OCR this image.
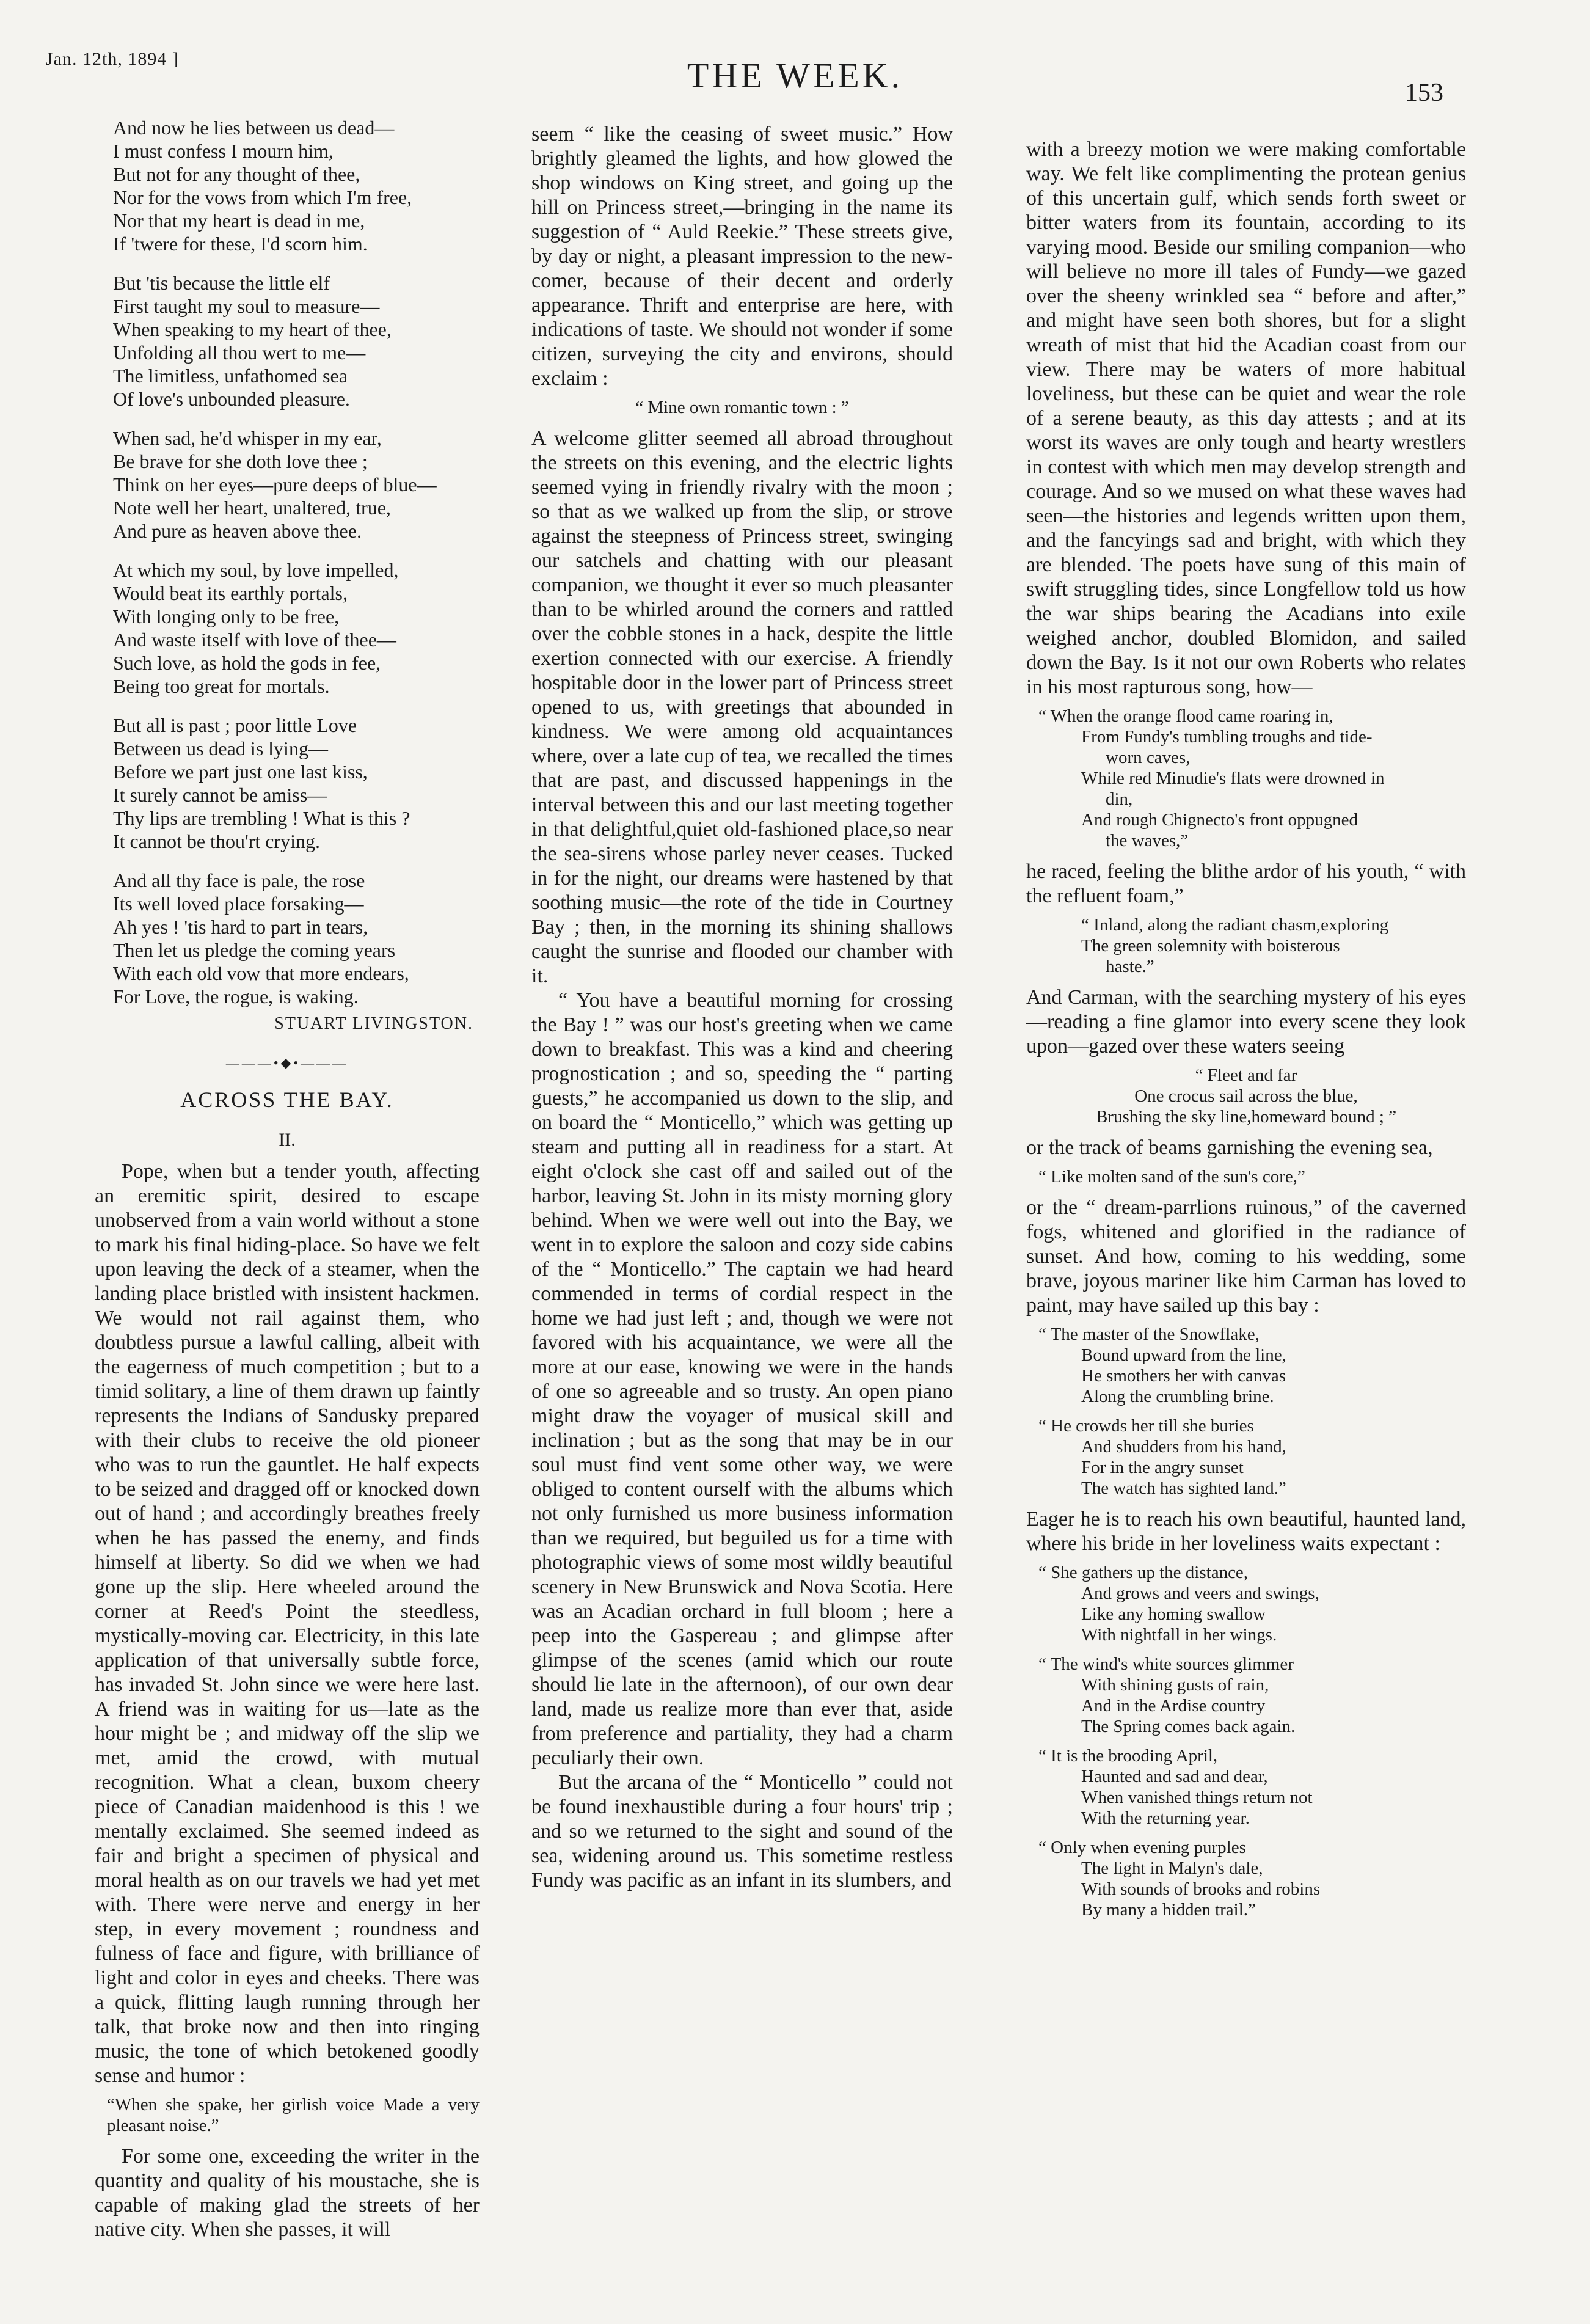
Jan. 12th, 1894 ]	THE WEEK.	153
And now he lies between us dead—
I must confess I mourn him,
But not for any thought of thee,
Nor for the vows from which I'm free,
Nor that my heart is dead in me,
If 'twere for these, I'd scorn him.
But 'tis because the little elf
First taught my soul to measure—
When speaking to my heart of thee,
Unfolding all thou wert to me—
The limitless, unfathomed sea
Of love's unbounded pleasure.
When sad, he'd whisper in my ear,
Be brave for she doth love thee ;
Think on her eyes—pure deeps of blue—
Note well her heart, unaltered, true,
And pure as heaven above thee.
At which my soul, by love impelled,
Would beat its earthly portals,
With longing only to be free,
And waste itself with love of thee—
Such love, as hold the gods in fee,
Being too great for mortals.
But all is past ; poor little Love
Between us dead is lying—
Before we part just one last kiss,
It surely cannot be amiss—
Thy lips are trembling ! What is this ?
It cannot be thou'rt crying.
And all thy face is pale, the rose
Its well loved place forsaking—
Ah yes ! 'tis hard to part in tears,
Then let us pledge the coming years
With each old vow that more endears,
For Love, the rogue, is waking.
STUART LIVINGSTON.
———•◆•———
ACROSS THE BAY.
II.

Pope, when but a tender youth, affecting an eremitic spirit, desired to escape unobserved from a vain world without a stone to mark his final hiding-place. So have we felt upon leaving the deck of a steamer, when the landing place bristled with insistent hackmen. We would not rail against them, who doubtless pursue a lawful calling, albeit with the eagerness of much competition ; but to a timid solitary, a line of them drawn up faintly represents the Indians of Sandusky prepared with their clubs to receive the old pioneer who was to run the gauntlet. He half expects to be seized and dragged off or knocked down out of hand ; and accordingly breathes freely when he has passed the enemy, and finds himself at liberty. So did we when we had gone up the slip. Here wheeled around the corner at Reed's Point the steedless, mystically-moving car. Electricity, in this late application of that universally subtle force, has invaded St. John since we were here last. A friend was in waiting for us—late as the hour might be ; and midway off the slip we met, amid the crowd, with mutual recognition. What a clean, buxom cheery piece of Canadian maidenhood is this ! we mentally exclaimed. She seemed indeed as fair and bright a specimen of physical and moral health as on our travels we had yet met with. There were nerve and energy in her step, in every movement ; roundness and fulness of face and figure, with brilliance of light and color in eyes and cheeks. There was a quick, flitting laugh running through her talk, that broke now and then into ringing music, the tone of which betokened goodly sense and humor :

“When she spake, her girlish voice Made a very pleasant noise.”

For some one, exceeding the writer in the quantity and quality of his moustache, she is capable of making glad the streets of her native city. When she passes, it will

seem “ like the ceasing of sweet music.” How brightly gleamed the lights, and how glowed the shop windows on King street, and going up the hill on Princess street,—bringing in the name its suggestion of “ Auld Reekie.” These streets give, by day or night, a pleasant impression to the new-comer, because of their decent and orderly appearance. Thrift and enterprise are here, with indications of taste. We should not wonder if some citizen, surveying the city and environs, should exclaim :

“ Mine own romantic town : ”

A welcome glitter seemed all abroad throughout the streets on this evening, and the electric lights seemed vying in friendly rivalry with the moon ; so that as we walked up from the slip, or strove against the steepness of Princess street, swinging our satchels and chatting with our pleasant companion, we thought it ever so much pleasanter than to be whirled around the corners and rattled over the cobble stones in a hack, despite the little exertion connected with our exercise. A friendly hospitable door in the lower part of Princess street opened to us, with greetings that abounded in kindness. We were among old acquaintances where, over a late cup of tea, we recalled the times that are past, and discussed happenings in the interval between this and our last meeting together in that delightful,quiet old-fashioned place,so near the sea-sirens whose parley never ceases. Tucked in for the night, our dreams were hastened by that soothing music—the rote of the tide in Courtney Bay ; then, in the morning its shining shallows caught the sunrise and flooded our chamber with it.

“ You have a beautiful morning for crossing the Bay ! ” was our host's greeting when we came down to breakfast. This was a kind and cheering prognostication ; and so, speeding the “ parting guests,” he accompanied us down to the slip, and on board the “ Monticello,” which was getting up steam and putting all in readiness for a start. At eight o'clock she cast off and sailed out of the harbor, leaving St. John in its misty morning glory behind. When we were well out into the Bay, we went in to explore the saloon and cozy side cabins of the “ Monticello.” The captain we had heard commended in terms of cordial respect in the home we had just left ; and, though we were not favored with his acquaintance, we were all the more at our ease, knowing we were in the hands of one so agreeable and so trusty. An open piano might draw the voyager of musical skill and inclination ; but as the song that may be in our soul must find vent some other way, we were obliged to content ourself with the albums which not only furnished us more business information than we required, but beguiled us for a time with photographic views of some most wildly beautiful scenery in New Brunswick and Nova Scotia. Here was an Acadian orchard in full bloom ; here a peep into the Gaspereau ; and glimpse after glimpse of the scenes (amid which our route should lie late in the afternoon), of our own dear land, made us realize more than ever that, aside from preference and partiality, they had a charm peculiarly their own.

But the arcana of the “ Monticello ” could not be found inexhaustible during a four hours' trip ; and so we returned to the sight and sound of the sea, widening around us. This sometime restless Fundy was pacific as an infant in its slumbers, and

with a breezy motion we were making comfortable way. We felt like complimenting the protean genius of this uncertain gulf, which sends forth sweet or bitter waters from its fountain, according to its varying mood. Beside our smiling companion—who will believe no more ill tales of Fundy—we gazed over the sheeny wrinkled sea “ before and after,” and might have seen both shores, but for a slight wreath of mist that hid the Acadian coast from our view. There may be waters of more habitual loveliness, but these can be quiet and wear the role of a serene beauty, as this day attests ; and at its worst its waves are only tough and hearty wrestlers in contest with which men may develop strength and courage. And so we mused on what these waves had seen—the histories and legends written upon them, and the fancyings sad and bright, with which they are blended. The poets have sung of this main of swift struggling tides, since Longfellow told us how the war ships bearing the Acadians into exile weighed anchor, doubled Blomidon, and sailed down the Bay. Is it not our own Roberts who relates in his most rapturous song, how—

“ When the orange flood came roaring in,
From Fundy's tumbling troughs and tide-
worn caves,
While red Minudie's flats were drowned in
din,
And rough Chignecto's front oppugned
the waves,”

he raced, feeling the blithe ardor of his youth, “ with the refluent foam,”

“ Inland, along the radiant chasm,exploring
The green solemnity with boisterous
haste.”

And Carman, with the searching mystery of his eyes—reading a fine glamor into every scene they look upon—gazed over these waters seeing

“ Fleet and far
One crocus sail across the blue,
Brushing the sky line,homeward bound ; ”

or the track of beams garnishing the evening sea,

“ Like molten sand of the sun's core,”

or the “ dream-parrlions ruinous,” of the caverned fogs, whitened and glorified in the radiance of sunset. And how, coming to his wedding, some brave, joyous mariner like him Carman has loved to paint, may have sailed up this bay :

“ The master of the Snowflake,
Bound upward from the line,
He smothers her with canvas
Along the crumbling brine.
“ He crowds her till she buries
And shudders from his hand,
For in the angry sunset
The watch has sighted land.”

Eager he is to reach his own beautiful, haunted land, where his bride in her loveliness waits expectant :

“ She gathers up the distance,
And grows and veers and swings,
Like any homing swallow
With nightfall in her wings.
“ The wind's white sources glimmer
With shining gusts of rain,
And in the Ardise country
The Spring comes back again.
“ It is the brooding April,
Haunted and sad and dear,
When vanished things return not
With the returning year.
“ Only when evening purples
The light in Malyn's dale,
With sounds of brooks and robins
By many a hidden trail.”
